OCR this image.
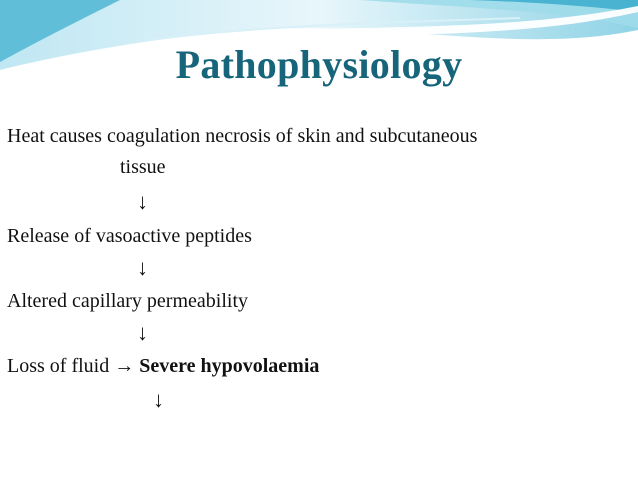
Pathophysiology
Heat causes coagulation necrosis of skin and subcutaneous
tissue
↓
Release of vasoactive peptides
↓
Altered capillary permeability
↓
Loss of fluid → Severe hypovolaemia
↓
